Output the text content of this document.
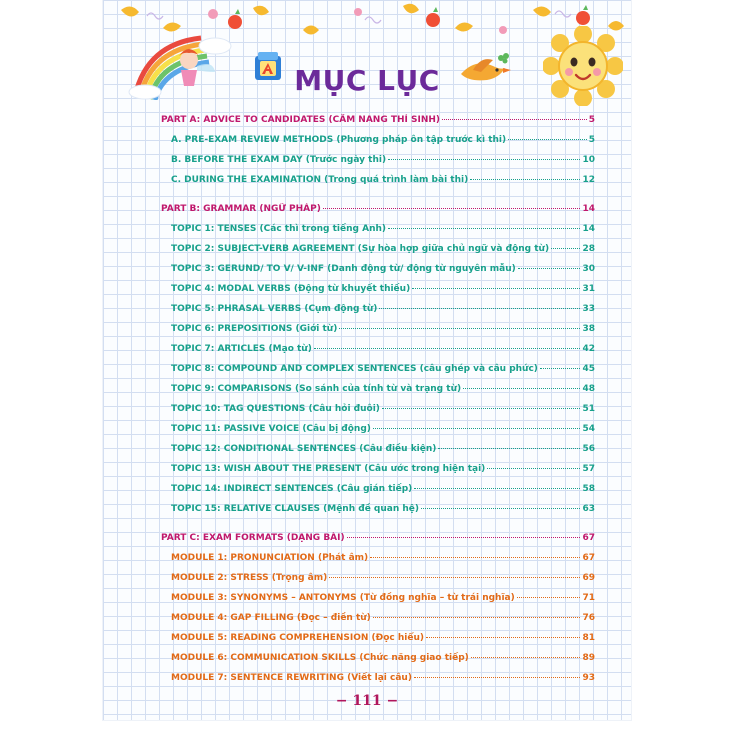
MỤC LỤC
PART A: ADVICE TO CANDIDATES (CẨM NANG THÍ SINH)	5
A. PRE-EXAM REVIEW METHODS (Phương pháp ôn tập trước kì thi)	5
B. BEFORE THE EXAM DAY (Trước ngày thi)	10
C. DURING THE EXAMINATION (Trong quá trình làm bài thi)	12
PART B: GRAMMAR (NGỮ PHÁP)	14
TOPIC 1: TENSES (Các thì trong tiếng Anh)	14
TOPIC 2: SUBJECT-VERB AGREEMENT (Sự hòa hợp giữa chủ ngữ và động từ)	28
TOPIC 3: GERUND/ TO V/ V-INF (Danh động từ/ động từ nguyên mẫu)	30
TOPIC 4: MODAL VERBS (Động từ khuyết thiếu)	31
TOPIC 5: PHRASAL VERBS (Cụm động từ)	33
TOPIC 6: PREPOSITIONS (Giới từ)	38
TOPIC 7: ARTICLES (Mạo từ)	42
TOPIC 8: COMPOUND AND COMPLEX SENTENCES (câu ghép và câu phức)	45
TOPIC 9: COMPARISONS (So sánh của tính từ và trạng từ)	48
TOPIC 10: TAG QUESTIONS (Câu hỏi đuôi)	51
TOPIC 11: PASSIVE VOICE (Câu bị động)	54
TOPIC 12: CONDITIONAL SENTENCES (Câu điều kiện)	56
TOPIC 13: WISH ABOUT THE PRESENT (Câu ước trong hiện tại)	57
TOPIC 14: INDIRECT SENTENCES (Câu gián tiếp)	58
TOPIC 15: RELATIVE CLAUSES (Mệnh đề quan hệ)	63
PART C: EXAM FORMATS (DẠNG BÀI)	67
MODULE 1: PRONUNCIATION (Phát âm)	67
MODULE 2: STRESS (Trọng âm)	69
MODULE 3: SYNONYMS – ANTONYMS (Từ đồng nghĩa – từ trái nghĩa)	71
MODULE 4: GAP FILLING (Đọc – điền từ)	76
MODULE 5: READING COMPREHENSION (Đọc hiểu)	81
MODULE 6: COMMUNICATION SKILLS (Chức năng giao tiếp)	89
MODULE 7: SENTENCE REWRITING (Viết lại câu)	93
− 111 −
